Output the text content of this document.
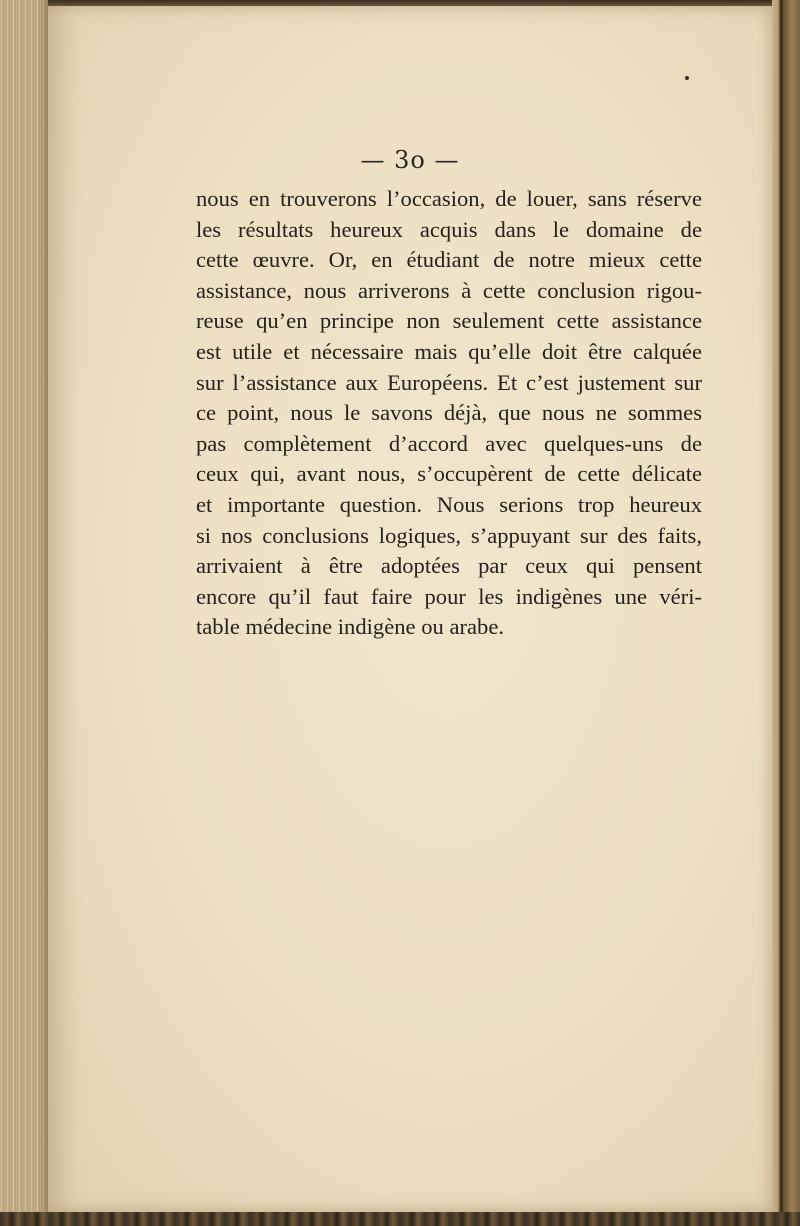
— 3o —

nous en trouverons l’occasion, de louer, sans réserve
les résultats heureux acquis dans le domaine de
cette œuvre. Or, en étudiant de notre mieux cette
assistance, nous arriverons à cette conclusion rigou-
reuse qu’en principe non seulement cette assistance
est utile et nécessaire mais qu’elle doit être calquée
sur l’assistance aux Européens. Et c’est justement sur
ce point, nous le savons déjà, que nous ne sommes
pas complètement d’accord avec quelques-uns de
ceux qui, avant nous, s’occupèrent de cette délicate
et importante question. Nous serions trop heureux
si nos conclusions logiques, s’appuyant sur des faits,
arrivaient à être adoptées par ceux qui pensent
encore qu’il faut faire pour les indigènes une véri-
table médecine indigène ou arabe.
